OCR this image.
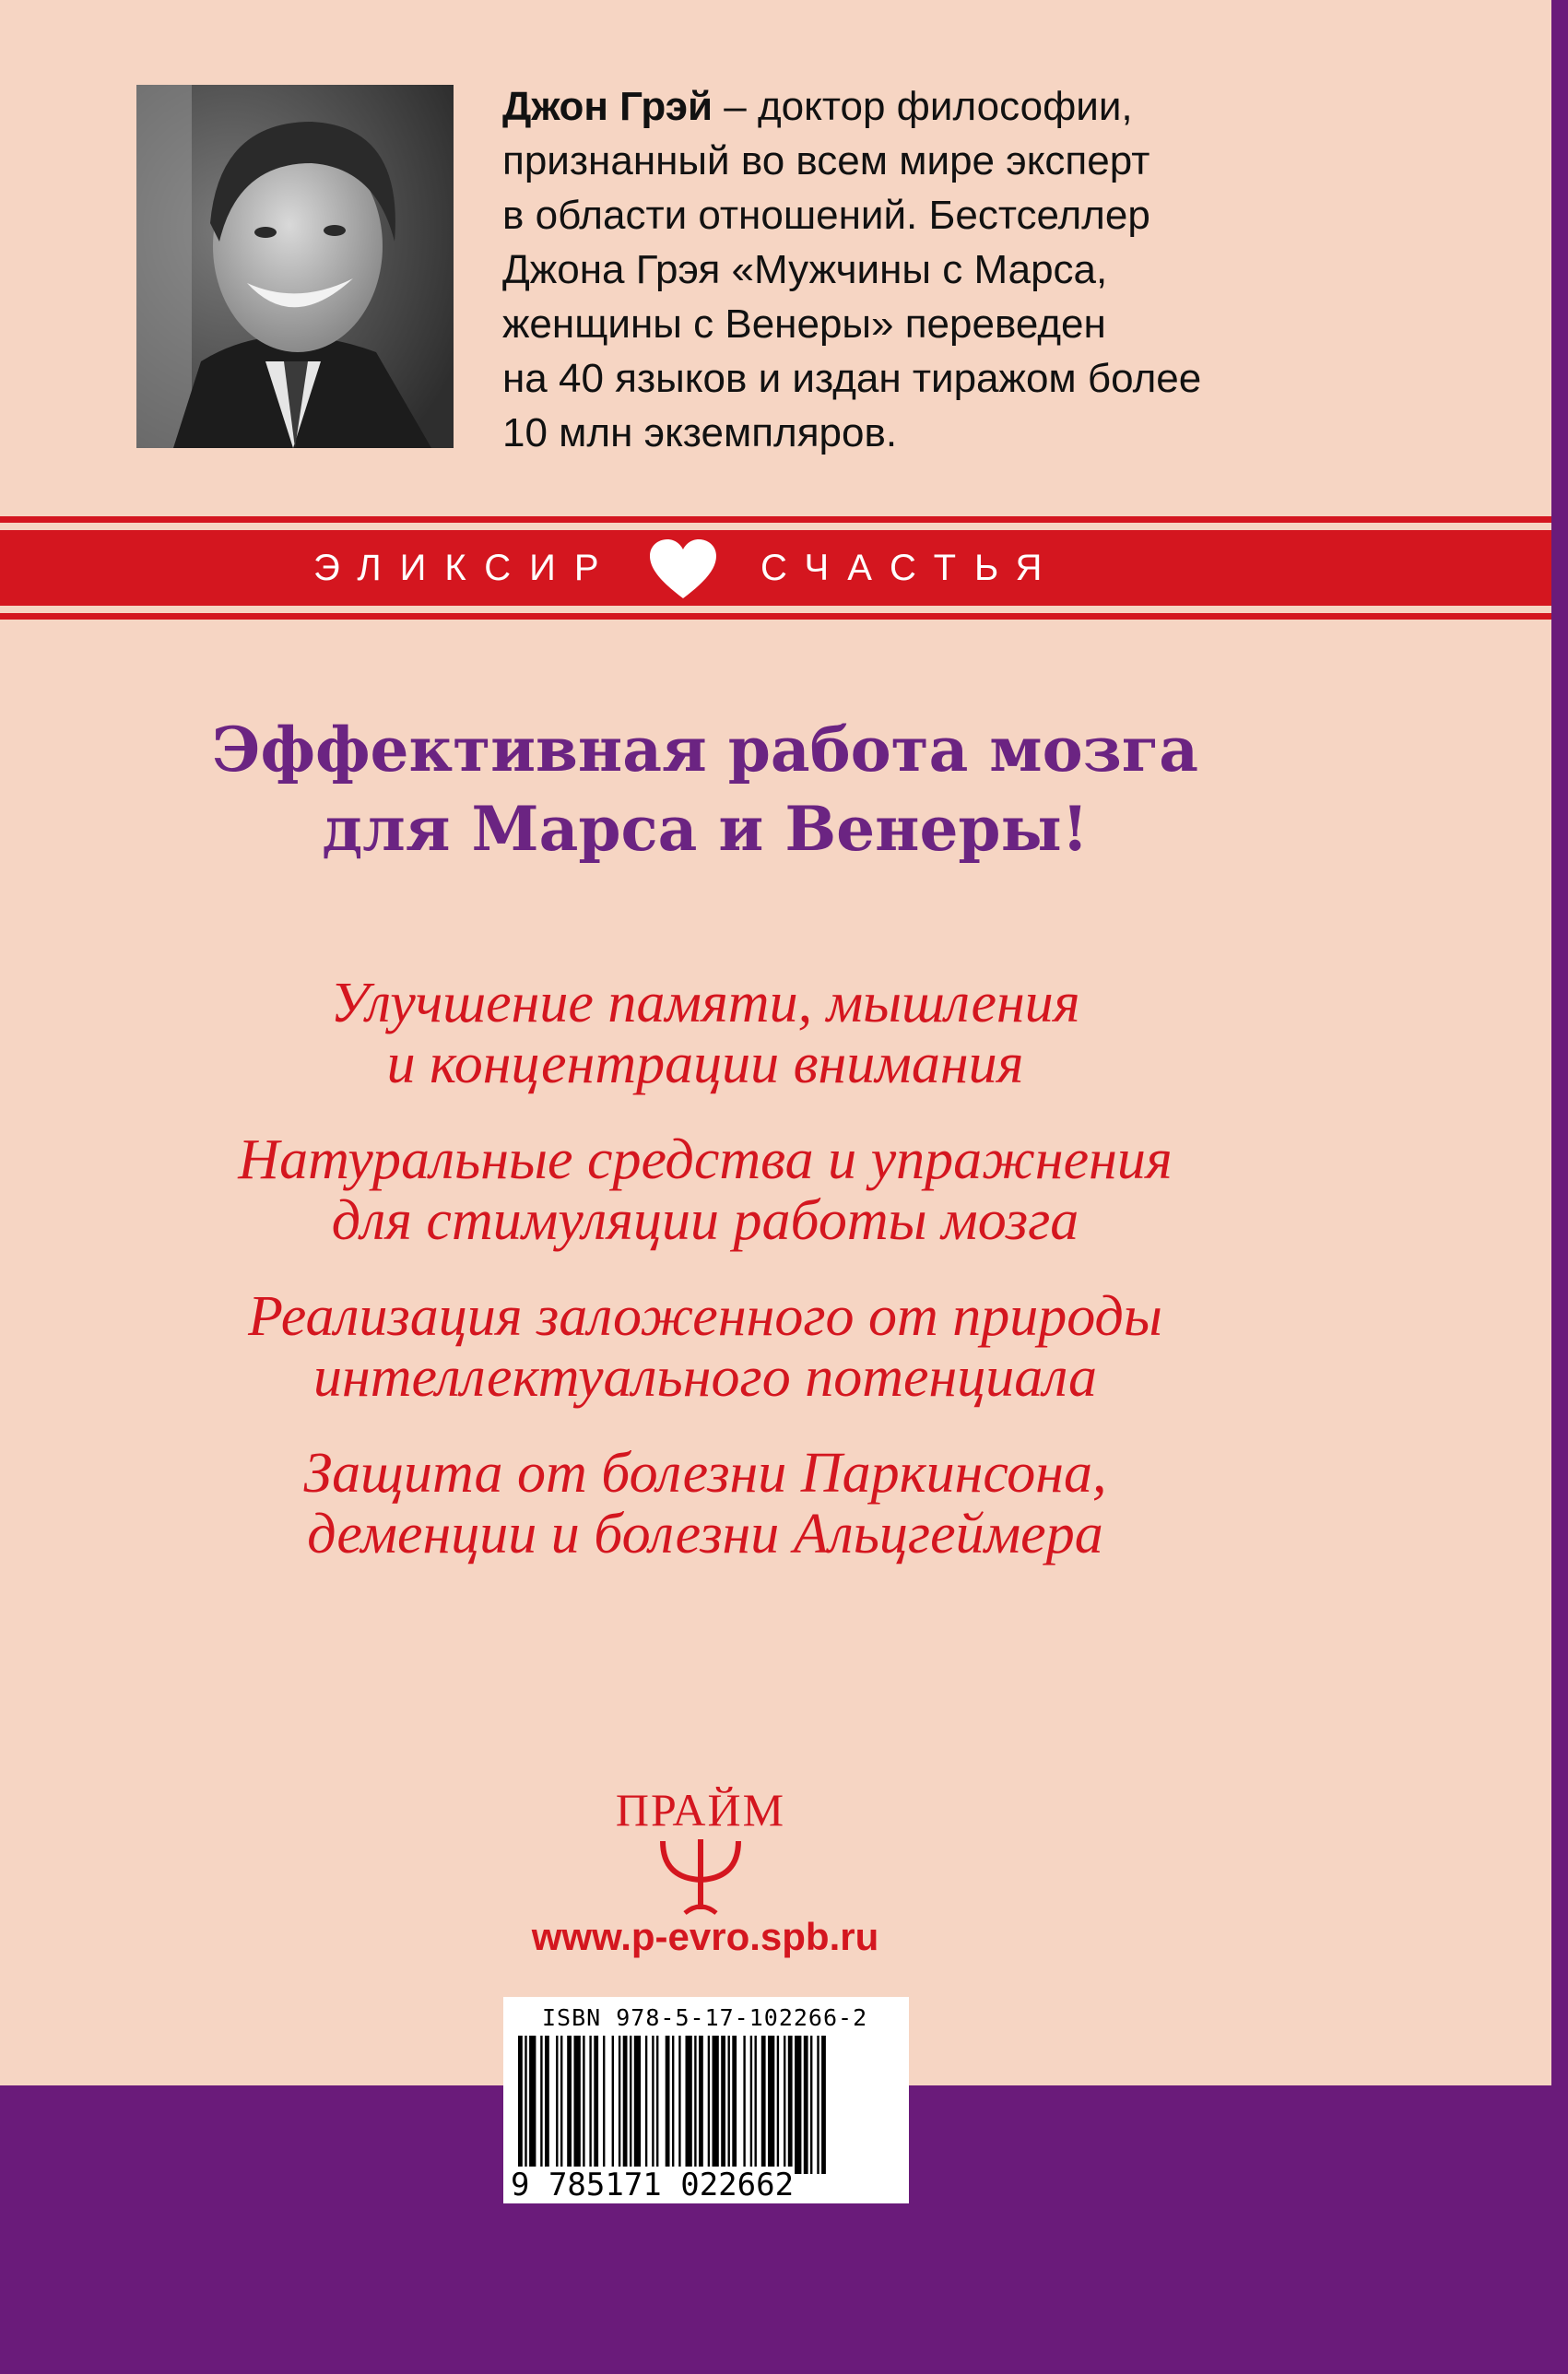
Джон Грэй – доктор философии,
признанный во всем мире эксперт
в области отношений. Бестселлер
Джона Грэя «Мужчины с Марса,
женщины с Венеры» переведен
на 40 языков и издан тиражом более
10 млн экземпляров.
ЭЛИКСИР	СЧАСТЬЯ
Эффективная работа мозга
для Марса и Венеры!
Улучшение памяти, мышления
и концентрации внимания
Натуральные средства и упражнения
для стимуляции работы мозга
Реализация заложенного от природы
интеллектуального потенциала
Защита от болезни Паркинсона,
деменции и болезни Альцгеймера
ПРАЙМ
www.p-evro.spb.ru
ISBN 978-5-17-102266-2
9 785171 022662
